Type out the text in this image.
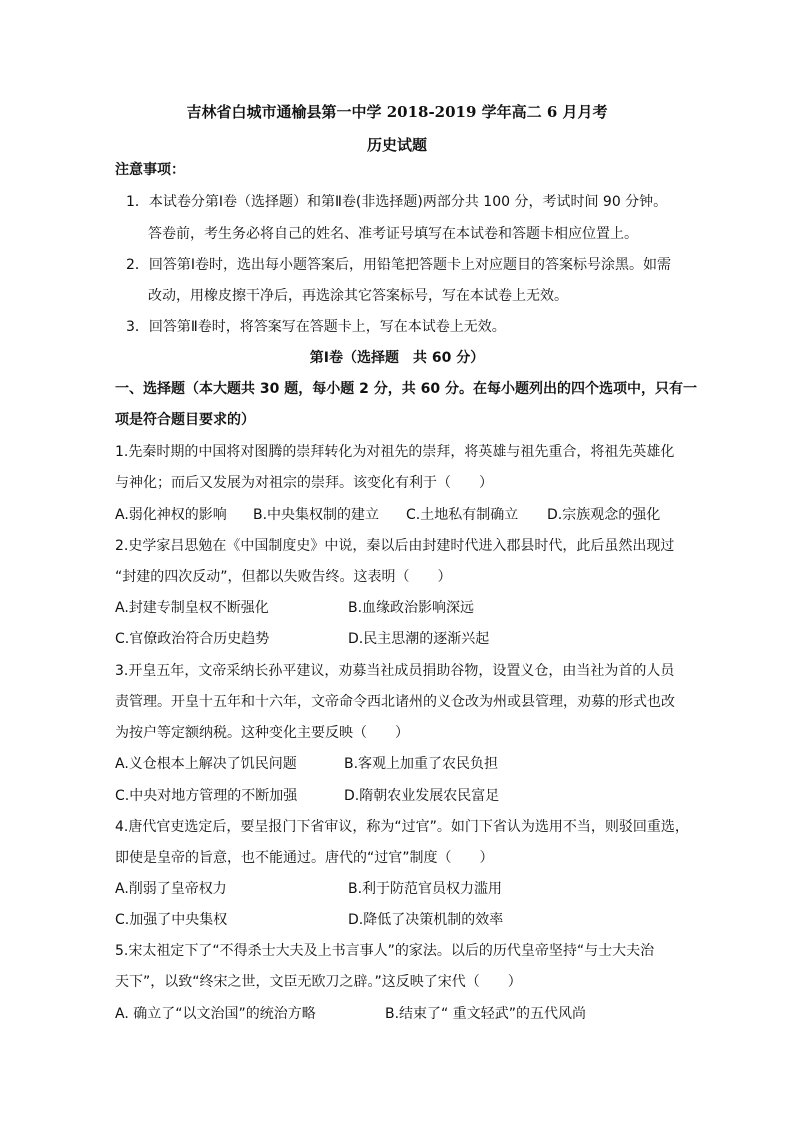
吉林省白城市通榆县第一中学 2018-2019 学年高二 6 月月考
历史试题
注意事项：
1．本试卷分第Ⅰ卷（选择题）和第Ⅱ卷(非选择题)两部分共 100 分，考试时间 90 分钟。
答卷前，考生务必将自己的姓名、准考证号填写在本试卷和答题卡相应位置上。
2．回答第Ⅰ卷时，选出每小题答案后，用铅笔把答题卡上对应题目的答案标号涂黑。如需
改动，用橡皮擦干净后，再选涂其它答案标号，写在本试卷上无效。
3．回答第Ⅱ卷时，将答案写在答题卡上，写在本试卷上无效。
第Ⅰ卷（选择题　共 60 分）
一、选择题（本大题共 30 题，每小题 2 分，共 60 分。在每小题列出的四个选项中，只有一
项是符合题目要求的）
1.先秦时期的中国将对图腾的崇拜转化为对祖先的崇拜，将英雄与祖先重合，将祖先英雄化
与神化；而后又发展为对祖宗的崇拜。该变化有利于（　　）
A.弱化神权的影响 B.中央集权制的建立 C.土地私有制确立 D.宗族观念的强化
2.史学家吕思勉在《中国制度史》中说，秦以后由封建时代进入郡县时代，此后虽然出现过
“封建的四次反动”，但都以失败告终。这表明（　　）
A.封建专制皇权不断强化	B.血缘政治影响深远
C.官僚政治符合历史趋势	D.民主思潮的逐渐兴起
3.开皇五年，文帝采纳长孙平建议，劝募当社成员捐助谷物，设置义仓，由当社为首的人员
责管理。开皇十五年和十六年，文帝命令西北诸州的义仓改为州或县管理，劝募的形式也改
为按户等定额纳税。这种变化主要反映（　　）
A.义仓根本上解决了饥民问题	B.客观上加重了农民负担
C.中央对地方管理的不断加强	D.隋朝农业发展农民富足
4.唐代官吏选定后，要呈报门下省审议，称为“过官”。如门下省认为选用不当，则驳回重选，
即使是皇帝的旨意，也不能通过。唐代的“过官”制度（　　）
A.削弱了皇帝权力	B.利于防范官员权力滥用
C.加强了中央集权	D.降低了决策机制的效率
5.宋太祖定下了“不得杀士大夫及上书言事人”的家法。以后的历代皇帝坚持“与士大夫治
天下”，以致“终宋之世，文臣无欧刀之辟。”这反映了宋代（　　）
A. 确立了“以文治国”的统治方略	B.结束了“ 重文轻武”的五代风尚
